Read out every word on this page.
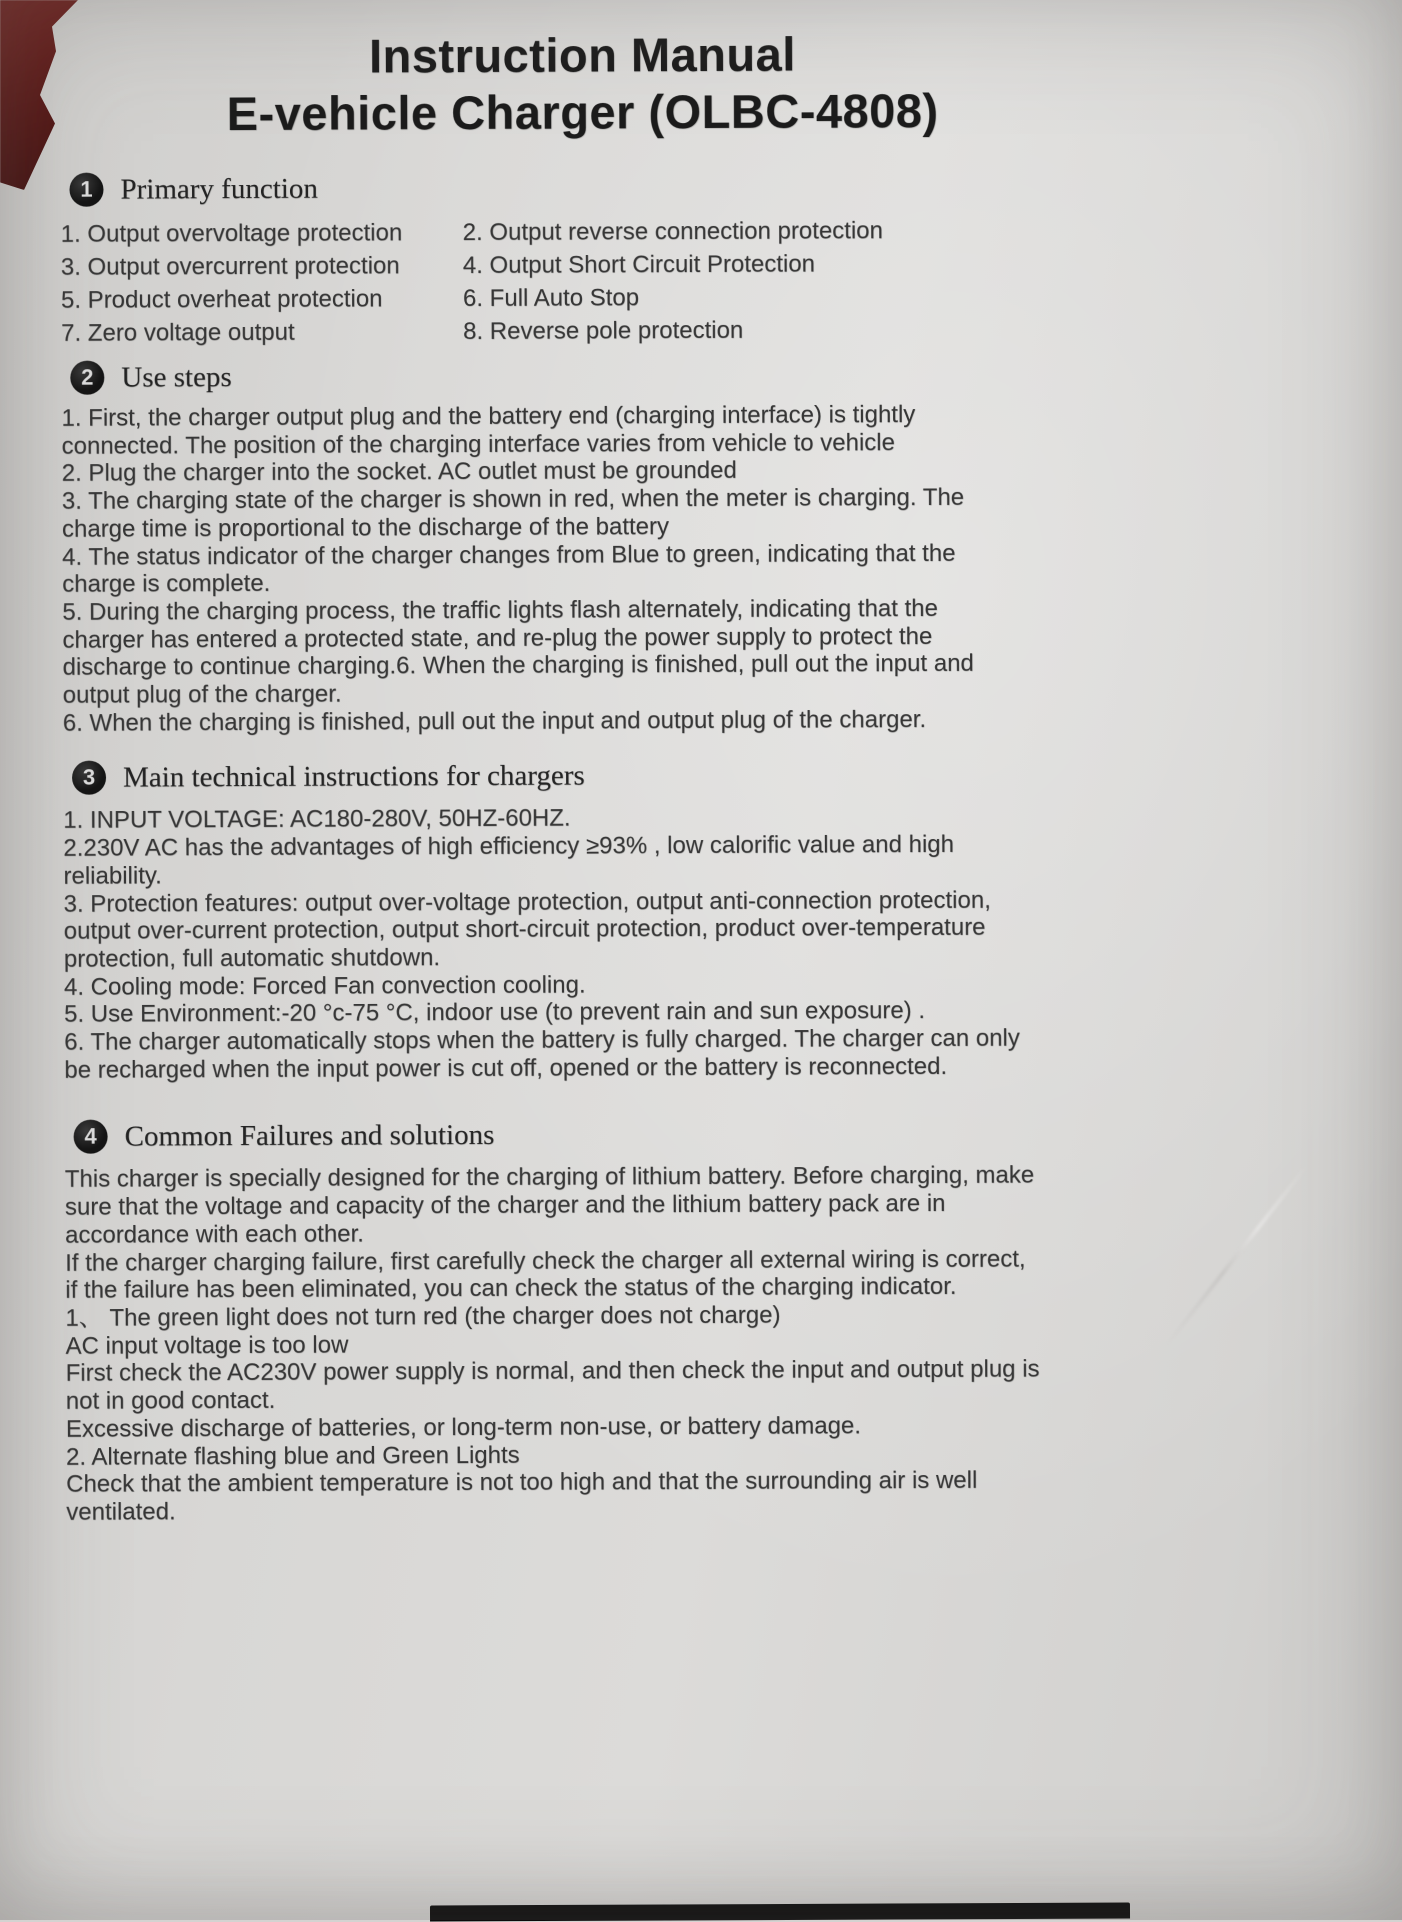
Instruction Manual
E-vehicle Charger (OLBC-4808)
1 Primary function
1. Output overvoltage protection	2. Output reverse connection protection
3. Output overcurrent protection	4. Output Short Circuit Protection
5. Product overheat protection	6. Full Auto Stop
7. Zero voltage output	8. Reverse pole protection
2 Use steps
1. First, the charger output plug and the battery end (charging interface) is tightly
connected. The position of the charging interface varies from vehicle to vehicle
2. Plug the charger into the socket. AC outlet must be grounded
3. The charging state of the charger is shown in red, when the meter is charging. The
charge time is proportional to the discharge of the battery
4. The status indicator of the charger changes from Blue to green, indicating that the
charge is complete.
5. During the charging process, the traffic lights flash alternately, indicating that the
charger has entered a protected state, and re-plug the power supply to protect the
discharge to continue charging.6. When the charging is finished, pull out the input and
output plug of the charger.
6. When the charging is finished, pull out the input and output plug of the charger.
3 Main technical instructions for chargers
1. INPUT VOLTAGE: AC180-280V, 50HZ-60HZ.
2.230V AC has the advantages of high efficiency ≥93% , low calorific value and high
reliability.
3. Protection features: output over-voltage protection, output anti-connection protection,
output over-current protection, output short-circuit protection, product over-temperature
protection, full automatic shutdown.
4. Cooling mode: Forced Fan convection cooling.
5. Use Environment:-20 °c-75 °C, indoor use (to prevent rain and sun exposure) .
6. The charger automatically stops when the battery is fully charged. The charger can only
be recharged when the input power is cut off, opened or the battery is reconnected.
4 Common Failures and solutions
This charger is specially designed for the charging of lithium battery. Before charging, make
sure that the voltage and capacity of the charger and the lithium battery pack are in
accordance with each other.
If the charger charging failure, first carefully check the charger all external wiring is correct,
if the failure has been eliminated, you can check the status of the charging indicator.
1、 The green light does not turn red (the charger does not charge)
AC input voltage is too low
First check the AC230V power supply is normal, and then check the input and output plug is
not in good contact.
Excessive discharge of batteries, or long-term non-use, or battery damage.
2. Alternate flashing blue and Green Lights
Check that the ambient temperature is not too high and that the surrounding air is well
ventilated.
